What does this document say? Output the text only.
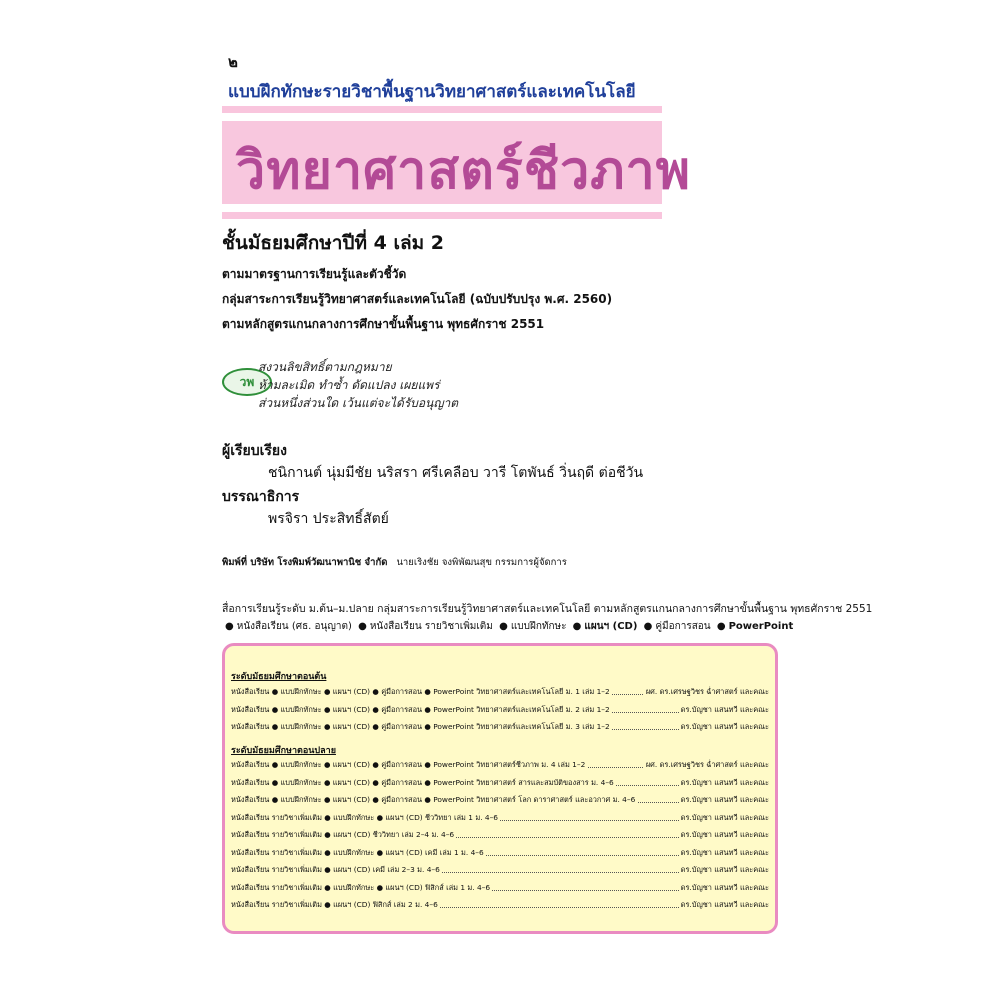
๒
แบบฝึกทักษะรายวิชาพื้นฐานวิทยาศาสตร์และเทคโนโลยี
วิทยาศาสตร์ชีวภาพ
ชั้นมัธยมศึกษาปีที่ 4 เล่ม 2
ตามมาตรฐานการเรียนรู้และตัวชี้วัด
กลุ่มสาระการเรียนรู้วิทยาศาสตร์และเทคโนโลยี (ฉบับปรับปรุง พ.ศ. 2560)
ตามหลักสูตรแกนกลางการศึกษาขั้นพื้นฐาน พุทธศักราช 2551
วพ
สงวนลิขสิทธิ์ตามกฎหมาย
ห้ามละเมิด ทำซ้ำ ดัดแปลง เผยแพร่
ส่วนหนึ่งส่วนใด เว้นแต่จะได้รับอนุญาต
ผู้เรียบเรียง
ชนิกานต์ นุ่มมีชัย นริสรา ศรีเคลือบ วารี โตพันธ์ วิ่นฤดี ต่อชีวัน
บรรณาธิการ
พรจิรา ประสิทธิ์สัตย์
พิมพ์ที่ บริษัท โรงพิมพ์วัฒนาพานิช จำกัด นายเริงชัย จงพิพัฒนสุข กรรมการผู้จัดการ
สื่อการเรียนรู้ระดับ ม.ต้น–ม.ปลาย กลุ่มสาระการเรียนรู้วิทยาศาสตร์และเทคโนโลยี ตามหลักสูตรแกนกลางการศึกษาขั้นพื้นฐาน พุทธศักราช 2551
● หนังสือเรียน (ศธ. อนุญาต) ● หนังสือเรียน รายวิชาเพิ่มเติม ● แบบฝึกทักษะ ● แผนฯ (CD) ● คู่มือการสอน ● PowerPoint
ระดับมัธยมศึกษาตอนต้น
ระดับมัธยมศึกษาตอนปลาย
หนังสือเรียน ● แบบฝึกทักษะ ● แผนฯ (CD) ● คู่มือการสอน ● PowerPoint วิทยาศาสตร์และเทคโนโลยี ม. 1 เล่ม 1–2	ผศ. ดร.เศรษฐวิชร ฉ่ำศาสตร์ และคณะ
หนังสือเรียน ● แบบฝึกทักษะ ● แผนฯ (CD) ● คู่มือการสอน ● PowerPoint วิทยาศาสตร์และเทคโนโลยี ม. 2 เล่ม 1–2	ดร.บัญชา แสนทวี และคณะ
หนังสือเรียน ● แบบฝึกทักษะ ● แผนฯ (CD) ● คู่มือการสอน ● PowerPoint วิทยาศาสตร์และเทคโนโลยี ม. 3 เล่ม 1–2	ดร.บัญชา แสนทวี และคณะ
หนังสือเรียน ● แบบฝึกทักษะ ● แผนฯ (CD) ● คู่มือการสอน ● PowerPoint วิทยาศาสตร์ชีวภาพ ม. 4 เล่ม 1–2	ผศ. ดร.เศรษฐวิชร ฉ่ำศาสตร์ และคณะ
หนังสือเรียน ● แบบฝึกทักษะ ● แผนฯ (CD) ● คู่มือการสอน ● PowerPoint วิทยาศาสตร์ สารและสมบัติของสาร ม. 4–6	ดร.บัญชา แสนทวี และคณะ
หนังสือเรียน ● แบบฝึกทักษะ ● แผนฯ (CD) ● คู่มือการสอน ● PowerPoint วิทยาศาสตร์ โลก ดาราศาสตร์ และอวกาศ ม. 4–6	ดร.บัญชา แสนทวี และคณะ
หนังสือเรียน รายวิชาเพิ่มเติม ● แบบฝึกทักษะ ● แผนฯ (CD) ชีววิทยา เล่ม 1 ม. 4–6	ดร.บัญชา แสนทวี และคณะ
หนังสือเรียน รายวิชาเพิ่มเติม ● แผนฯ (CD) ชีววิทยา เล่ม 2–4 ม. 4–6	ดร.บัญชา แสนทวี และคณะ
หนังสือเรียน รายวิชาเพิ่มเติม ● แบบฝึกทักษะ ● แผนฯ (CD) เคมี เล่ม 1 ม. 4–6	ดร.บัญชา แสนทวี และคณะ
หนังสือเรียน รายวิชาเพิ่มเติม ● แผนฯ (CD) เคมี เล่ม 2–3 ม. 4–6	ดร.บัญชา แสนทวี และคณะ
หนังสือเรียน รายวิชาเพิ่มเติม ● แบบฝึกทักษะ ● แผนฯ (CD) ฟิสิกส์ เล่ม 1 ม. 4–6	ดร.บัญชา แสนทวี และคณะ
หนังสือเรียน รายวิชาเพิ่มเติม ● แผนฯ (CD) ฟิสิกส์ เล่ม 2 ม. 4–6	ดร.บัญชา แสนทวี และคณะ
